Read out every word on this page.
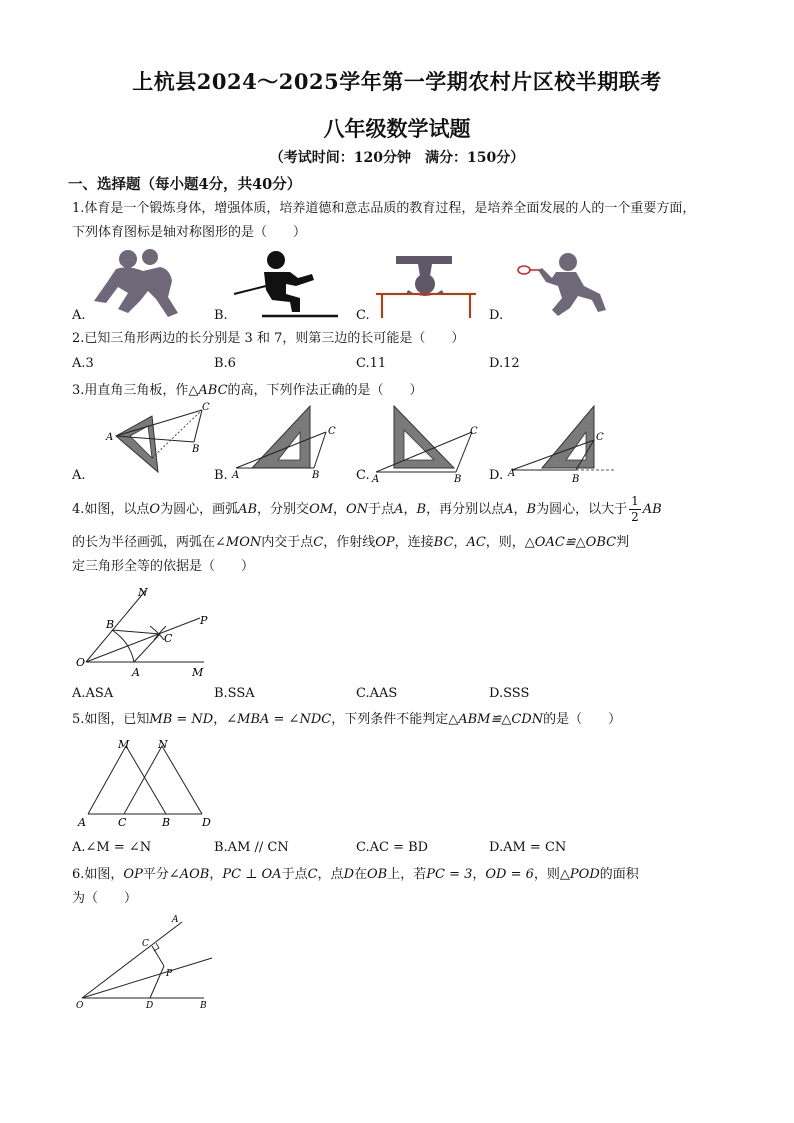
上杭县2024～2025学年第一学期农村片区校半期联考
八年级数学试题
（考试时间：120分钟　满分：150分）
一、选择题（每小题4分，共40分）
1.体育是一个锻炼身体，增强体质，培养道德和意志品质的教育过程，是培养全面发展的人的一个重要方面，
下列体育图标是轴对称图形的是（　　）
A.	B.	C.	D.
2.已知三角形两边的长分别是 3 和 7，则第三边的长可能是（　　）
A.3	B.6	C.11	D.12
3.用直角三角板，作△ABC的高，下列作法正确的是（　　）
A
C
B
A
C
B	A
C
B
A
C
B
A.	B.	C.	D.
4.如图，以点O为圆心，画弧AB，分别交OM，ON于点A，B，再分别以点A，B为圆心，以大于 $\frac{1}{2}$ AB
的长为半径画弧，两弧在∠MON内交于点C，作射线OP，连接BC，AC，则，△OAC≌△OBC判
定三角形全等的依据是（　　）
N
B
C
P
O
A	M
A.ASA	B.SSA	C.AAS	D.SSS
5.如图，已知MB = ND，∠MBA = ∠NDC，下列条件不能判定△ABM≌△CDN的是（　　）
M	N
A	C	B	D
A.∠M = ∠N	B.AM // CN	C.AC = BD	D.AM = CN
6.如图，OP平分∠AOB，PC ⊥ OA于点C，点D在OB上，若PC = 3，OD = 6，则△POD的面积
为（　　）
A
C
P
O	D	B
